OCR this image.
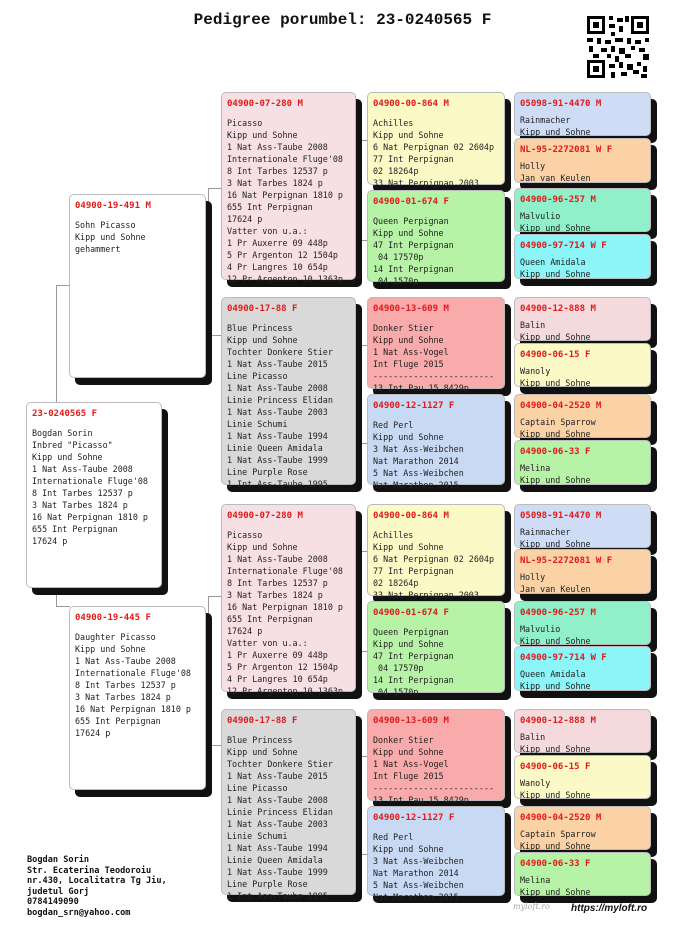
Pedigree porumbel: 23-0240565 F
23-0240565 F
Bogdan Sorin
Inbred "Picasso"
Kipp und Sohne
1 Nat Ass-Taube 2008
Internationale Fluge'08
8 Int Tarbes 12537 p
3 Nat Tarbes 1824 p
16 Nat Perpignan 1810 p
655 Int Perpignan
17624 p
04900-19-491 M
Sohn Picasso
Kipp und Sohne
gehammert
04900-19-445 F
Daughter Picasso
Kipp und Sohne
1 Nat Ass-Taube 2008
Internationale Fluge'08
8 Int Tarbes 12537 p
3 Nat Tarbes 1824 p
16 Nat Perpignan 1810 p
655 Int Perpignan
17624 p
04900-07-280 M
Picasso
Kipp und Sohne
1 Nat Ass-Taube 2008
Internationale Fluge'08
8 Int Tarbes 12537 p
3 Nat Tarbes 1824 p
16 Nat Perpignan 1810 p
655 Int Perpignan
17624 p
Vatter von u.a.:
1 Pr Auxerre 09 448p
5 Pr Argenton 12 1504p
4 Pr Langres 10 654p
12 Pr Argenton 10 1363p
04900-17-88 F
Blue Princess
Kipp und Sohne
Tochter Donkere Stier
1 Nat Ass-Taube 2015
Line Picasso
1 Nat Ass-Taube 2008
Linie Princess Elidan
1 Nat Ass-Taube 2003
Linie Schumi
1 Nat Ass-Taube 1994
Linie Queen Amidala
1 Nat Ass-Taube 1999
Line Purple Rose
1 Int Ass-Taube 1995
04900-07-280 M
Picasso
Kipp und Sohne
1 Nat Ass-Taube 2008
Internationale Fluge'08
8 Int Tarbes 12537 p
3 Nat Tarbes 1824 p
16 Nat Perpignan 1810 p
655 Int Perpignan
17624 p
Vatter von u.a.:
1 Pr Auxerre 09 448p
5 Pr Argenton 12 1504p
4 Pr Langres 10 654p
12 Pr Argenton 10 1363p
04900-17-88 F
Blue Princess
Kipp und Sohne
Tochter Donkere Stier
1 Nat Ass-Taube 2015
Line Picasso
1 Nat Ass-Taube 2008
Linie Princess Elidan
1 Nat Ass-Taube 2003
Linie Schumi
1 Nat Ass-Taube 1994
Linie Queen Amidala
1 Nat Ass-Taube 1999
Line Purple Rose
1 Int Ass-Taube 1995
04900-00-864 M
Achilles
Kipp und Sohne
6 Nat Perpignan 02 2604p
77 Int Perpignan
02 18264p
33 Nat Perpignan 2003
04900-01-674 F
Queen Perpignan
Kipp und Sohne
47 Int Perpignan
04 17570p
14 Int Perpignan
04 1570p
04900-13-609 M
Donker Stier
Kipp und Sohne
1 Nat Ass-Vogel
Int Fluge 2015
------------------------
13 Int Pau 15 8429p
04900-12-1127 F
Red Perl
Kipp und Sohne
3 Nat Ass-Weibchen
Nat Marathon 2014
5 Nat Ass-Weibchen
Nat Marathon 2015
04900-00-864 M
Achilles
Kipp und Sohne
6 Nat Perpignan 02 2604p
77 Int Perpignan
02 18264p
33 Nat Perpignan 2003
04900-01-674 F
Queen Perpignan
Kipp und Sohne
47 Int Perpignan
04 17570p
14 Int Perpignan
04 1570p
04900-13-609 M
Donker Stier
Kipp und Sohne
1 Nat Ass-Vogel
Int Fluge 2015
------------------------
13 Int Pau 15 8429p
04900-12-1127 F
Red Perl
Kipp und Sohne
3 Nat Ass-Weibchen
Nat Marathon 2014
5 Nat Ass-Weibchen
Nat Marathon 2015
05098-91-4470 M
Rainmacher
Kipp und Sohne
NL-95-2272081 W F
Holly
Jan van Keulen
04900-96-257 M
Malvulio
Kipp und Sohne
04900-97-714 W F
Queen Amidala
Kipp und Sohne
04900-12-888 M
Balin
Kipp und Sohne
04900-06-15 F
Wanoly
Kipp und Sohne
04900-04-2520 M
Captain Sparrow
Kipp und Sohne
04900-06-33 F
Melina
Kipp und Sohne
05098-91-4470 M
Rainmacher
Kipp und Sohne
NL-95-2272081 W F
Holly
Jan van Keulen
04900-96-257 M
Malvulio
Kipp und Sohne
04900-97-714 W F
Queen Amidala
Kipp und Sohne
04900-12-888 M
Balin
Kipp und Sohne
04900-06-15 F
Wanoly
Kipp und Sohne
04900-04-2520 M
Captain Sparrow
Kipp und Sohne
04900-06-33 F
Melina
Kipp und Sohne
Bogdan Sorin
Str. Ecaterina Teodoroiu
nr.430, Localitatra Tg Jiu,
judetul Gorj
0784149090
bogdan_srn@yahoo.com
myloft.ro https://myloft.ro
